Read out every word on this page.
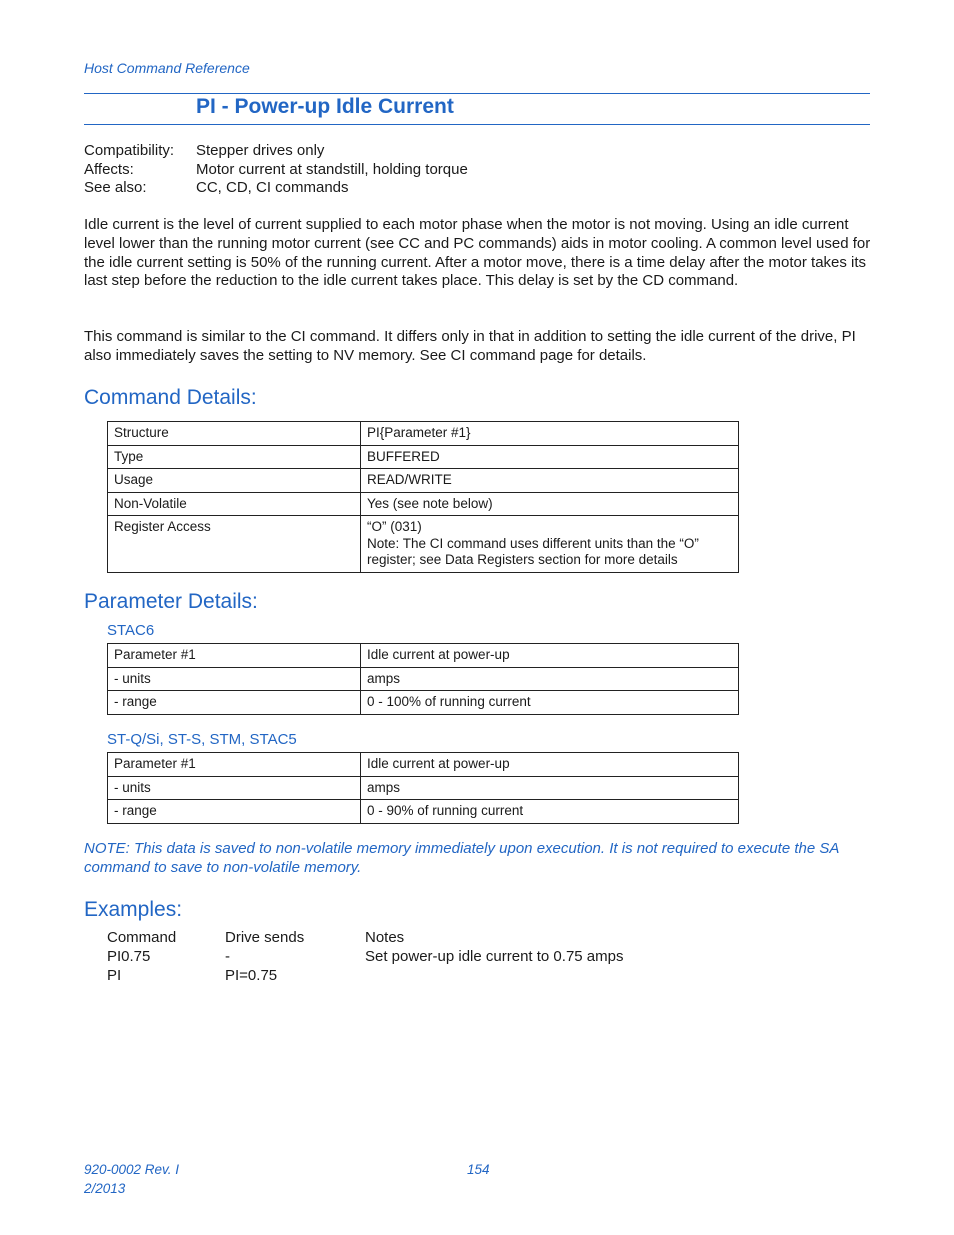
Host Command Reference
PI - Power-up Idle Current
Compatibility:	Stepper drives only
Affects:	Motor current at standstill, holding torque
See also:	CC, CD, CI commands
Idle current is the level of current supplied to each motor phase when the motor is not moving. Using an idle current level lower than the running motor current (see CC and PC commands) aids in motor cooling. A common level used for the idle current setting is 50% of the running current. After a motor move, there is a time delay after the motor takes its last step before the reduction to the idle current takes place. This delay is set by the CD command.
This command is similar to the CI command. It differs only in that in addition to setting the idle current of the drive, PI also immediately saves the setting to NV memory. See CI command page for details.
Command Details:
Structure	PI{Parameter #1}
Type	BUFFERED
Usage	READ/WRITE
Non-Volatile	Yes (see note below)
Register Access	“O” (031)
Note: The CI command uses different units than the “O”
register; see Data Registers section for more details
Parameter Details:
STAC6
Parameter #1	Idle current at power-up
- units	amps
- range	0 - 100% of running current
ST-Q/Si, ST-S, STM, STAC5
Parameter #1	Idle current at power-up
- units	amps
- range	0 - 90% of running current
NOTE: This data is saved to non-volatile memory immediately upon execution. It is not required to execute the SA command to save to non-volatile memory.
Examples:
Command	Drive sends	Notes
PI0.75	-	Set power-up idle current to 0.75 amps
PI	PI=0.75
920-0002 Rev. I
2/2013
154
